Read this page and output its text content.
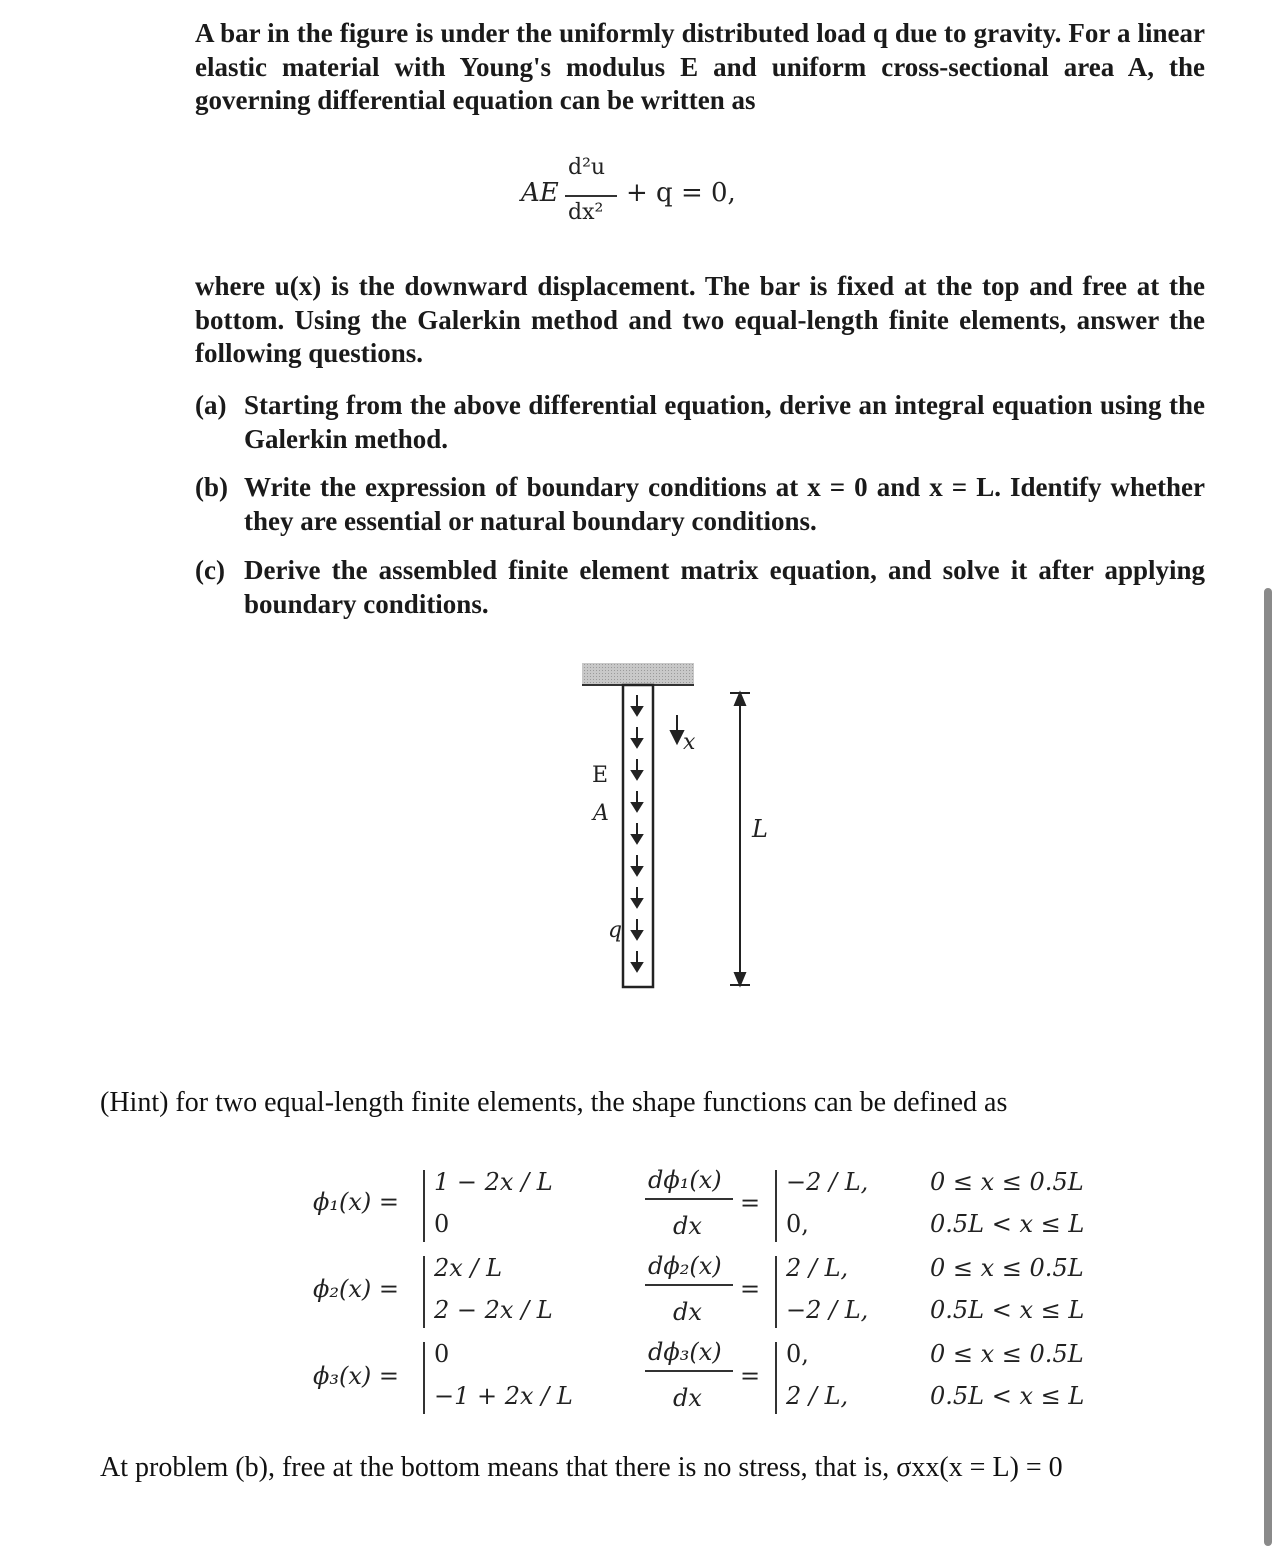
A bar in the figure is under the uniformly distributed load q due to gravity. For a linear elastic material with Young's modulus E and uniform cross-sectional area A, the governing differential equation can be written as
AE
d²u
dx²
+ q = 0,
where u(x) is the downward displacement. The bar is fixed at the top and free at the bottom. Using the Galerkin method and two equal-length finite elements, answer the following questions.
(a) Starting from the above differential equation, derive an integral equation using the Galerkin method.
(b) Write the expression of boundary conditions at x = 0 and x = L. Identify whether they are essential or natural boundary conditions.
(c) Derive the assembled finite element matrix equation, and solve it after applying boundary conditions.
x
E
A
q
L
(Hint) for two equal-length finite elements, the shape functions can be defined as
ϕ₁(x) =
1 − 2x / L
0
dϕ₁(x)
dx
=
−2 / L,
0,
0 ≤ x ≤ 0.5L
0.5L < x ≤ L
ϕ₂(x) =
2x / L
2 − 2x / L
dϕ₂(x)
dx
=
2 / L,
−2 / L,
0 ≤ x ≤ 0.5L
0.5L < x ≤ L
ϕ₃(x) =
0
−1 + 2x / L
dϕ₃(x)
dx
=
0,
2 / L,
0 ≤ x ≤ 0.5L
0.5L < x ≤ L
At problem (b), free at the bottom means that there is no stress, that is, σxx(x = L) = 0
